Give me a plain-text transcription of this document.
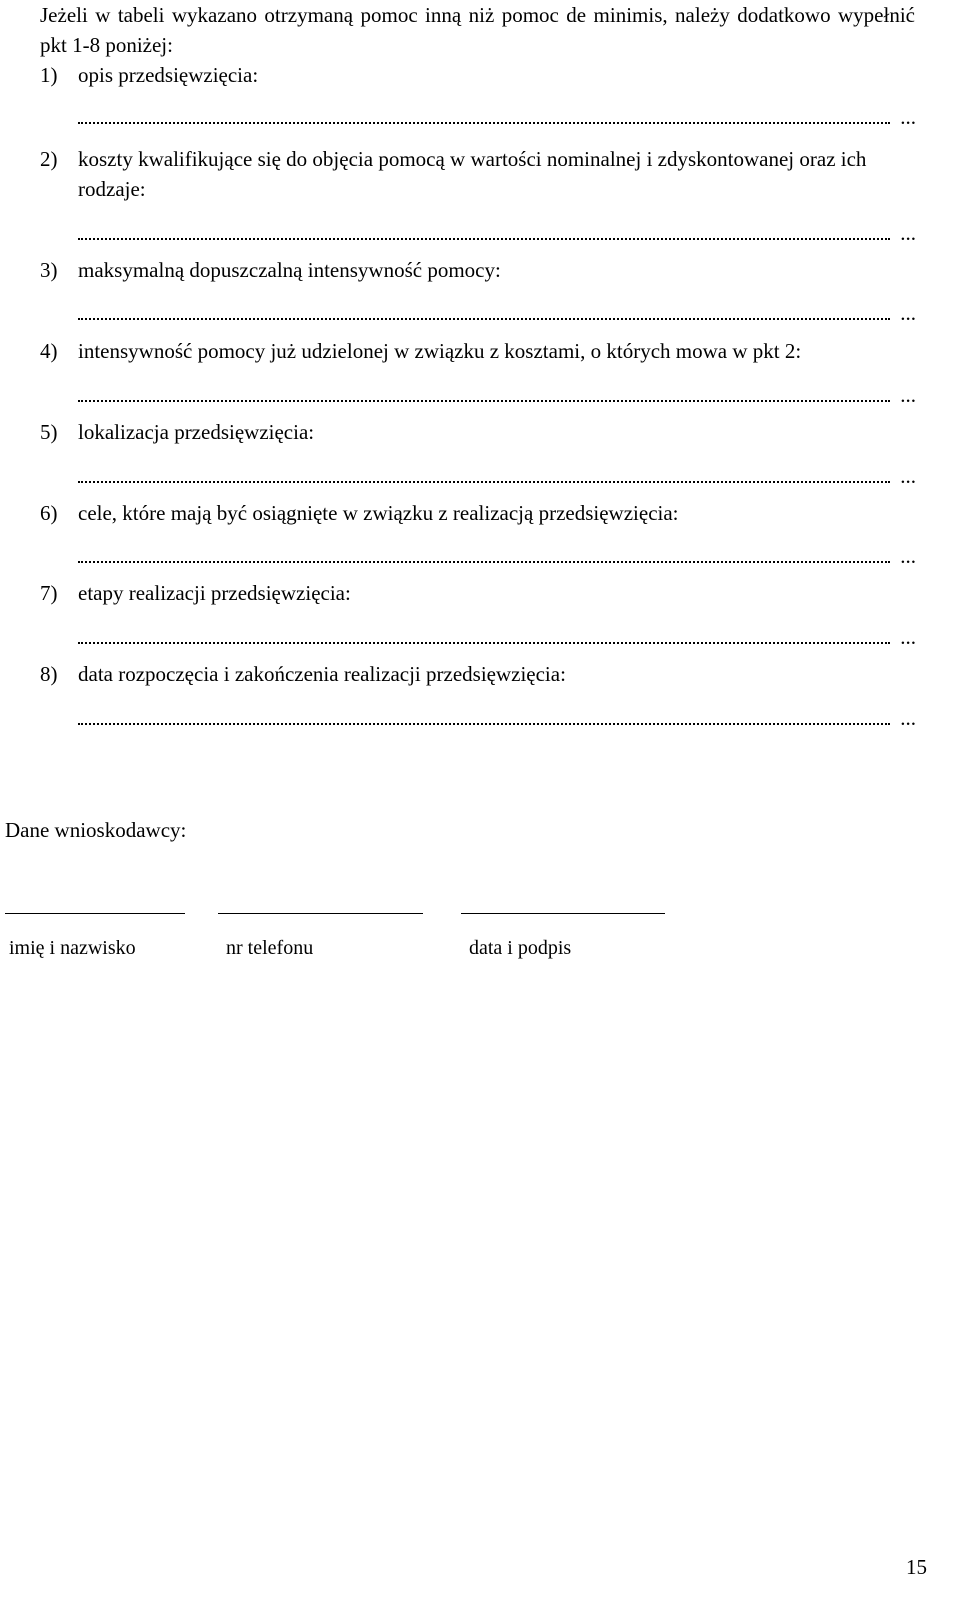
Jeżeli w tabeli wykazano otrzymaną pomoc inną niż pomoc de minimis, należy dodatkowo wypełnić pkt 1-8 poniżej:
1) opis przedsięwzięcia:
...
2) koszty kwalifikujące się do objęcia pomocą w wartości nominalnej i zdyskontowanej oraz ich rodzaje:
...
3) maksymalną dopuszczalną intensywność pomocy:
...
4) intensywność pomocy już udzielonej w związku z kosztami, o których mowa w pkt 2:
...
5) lokalizacja przedsięwzięcia:
...
6) cele, które mają być osiągnięte w związku z realizacją przedsięwzięcia:
...
7) etapy realizacji przedsięwzięcia:
...
8) data rozpoczęcia i zakończenia realizacji przedsięwzięcia:
...
Dane wnioskodawcy:
imię i nazwisko	nr telefonu	data i podpis
15
